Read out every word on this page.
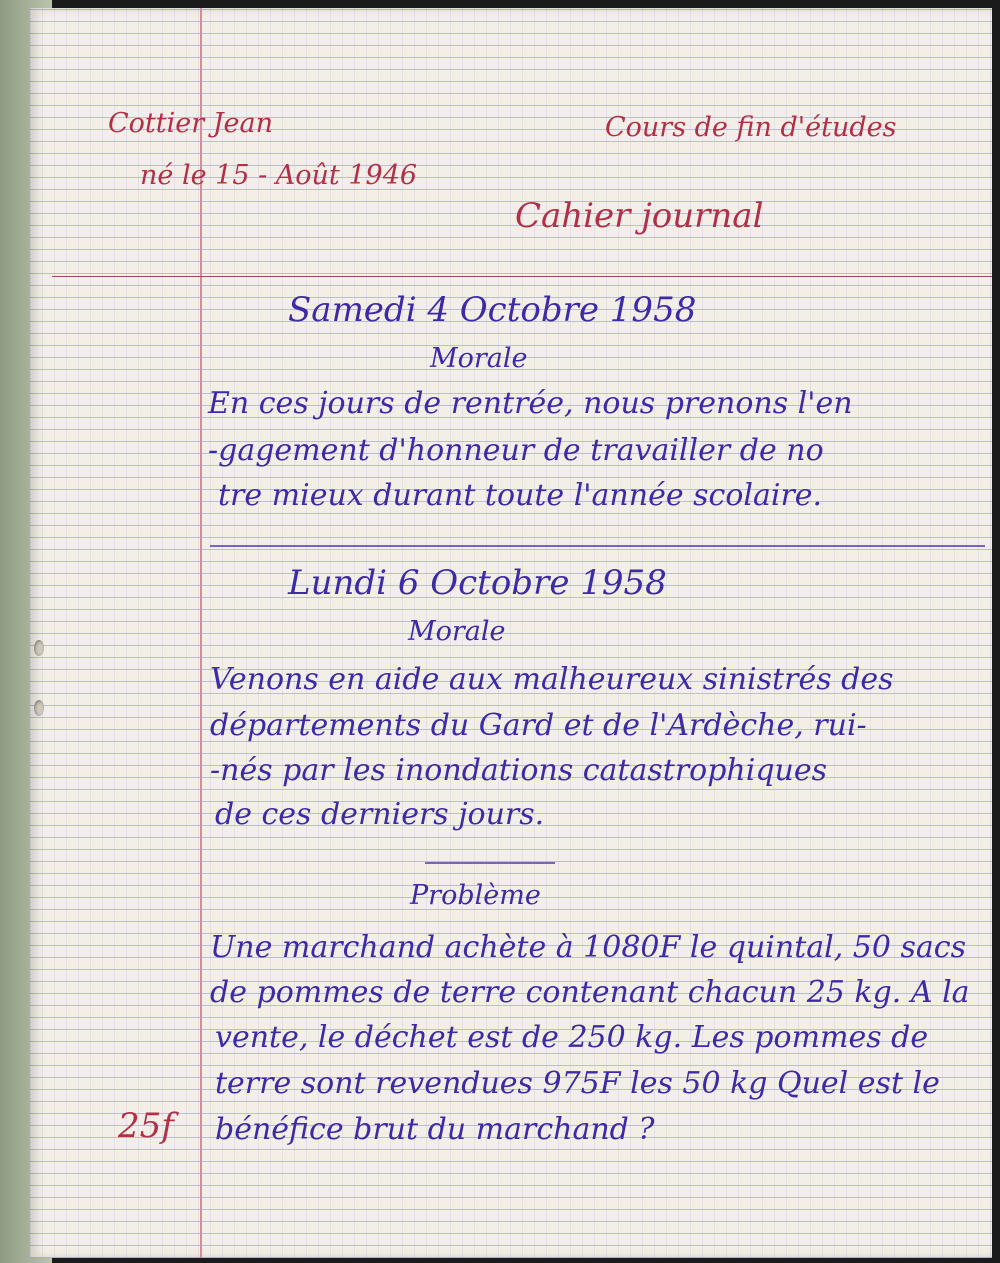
Cottier Jean
né le 15 - Août 1946
Cours de fin d'études
Cahier journal
Samedi 4 Octobre 1958
Morale
En ces jours de rentrée, nous prenons l'en
-gagement d'honneur de travailler de no
tre mieux durant toute l'année scolaire.
Lundi 6 Octobre 1958
Morale
Venons en aide aux malheureux sinistrés des
départements du Gard et de l'Ardèche, rui-
-nés par les inondations catastrophiques
de ces derniers jours.
Problème
Une marchand achète à 1080F le quintal, 50 sacs
de pommes de terre contenant chacun 25 kg. A la
vente, le déchet est de 250 kg. Les pommes de
terre sont revendues 975F les 50 kg Quel est le
bénéfice brut du marchand ?
25f
